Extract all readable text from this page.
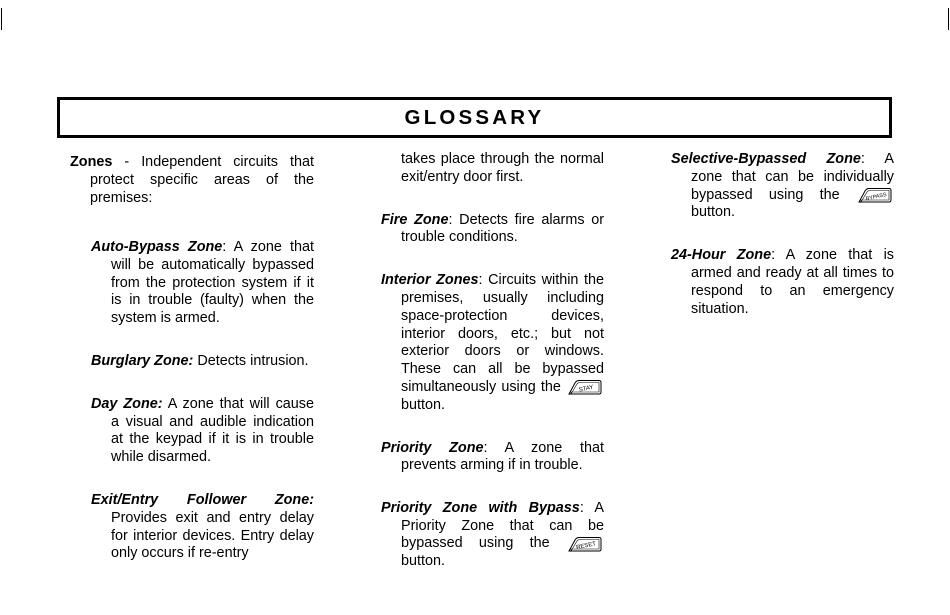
GLOSSARY

Zones - Independent circuits that protect specific areas of the premises:

Auto-Bypass Zone: A zone that will be automatically bypassed from the protection system if it is in trouble (faulty) when the system is armed.

Burglary Zone: Detects intrusion.

Day Zone: A zone that will cause a visual and audible indication at the keypad if it is in trouble while disarmed.

Exit/Entry Follower Zone: Provides exit and entry delay for interior devices. Entry delay only occurs if re-entry

takes place through the normal exit/entry door first.

Fire Zone: Detects fire alarms or trouble conditions.

Interior Zones: Circuits within the premises, usually including space-protection devices, interior doors, etc.; but not exterior doors or windows. These can all be bypassed simultaneously using the	STAY
button.

Priority Zone: A zone that prevents arming if in trouble.

Priority Zone with Bypass: A Priority Zone that can be bypassed using the	RESET
button.

Selective-Bypassed Zone: A zone that can be individually bypassed using the	BYPASS
button.

24-Hour Zone: A zone that is armed and ready at all times to respond to an emergency situation.
